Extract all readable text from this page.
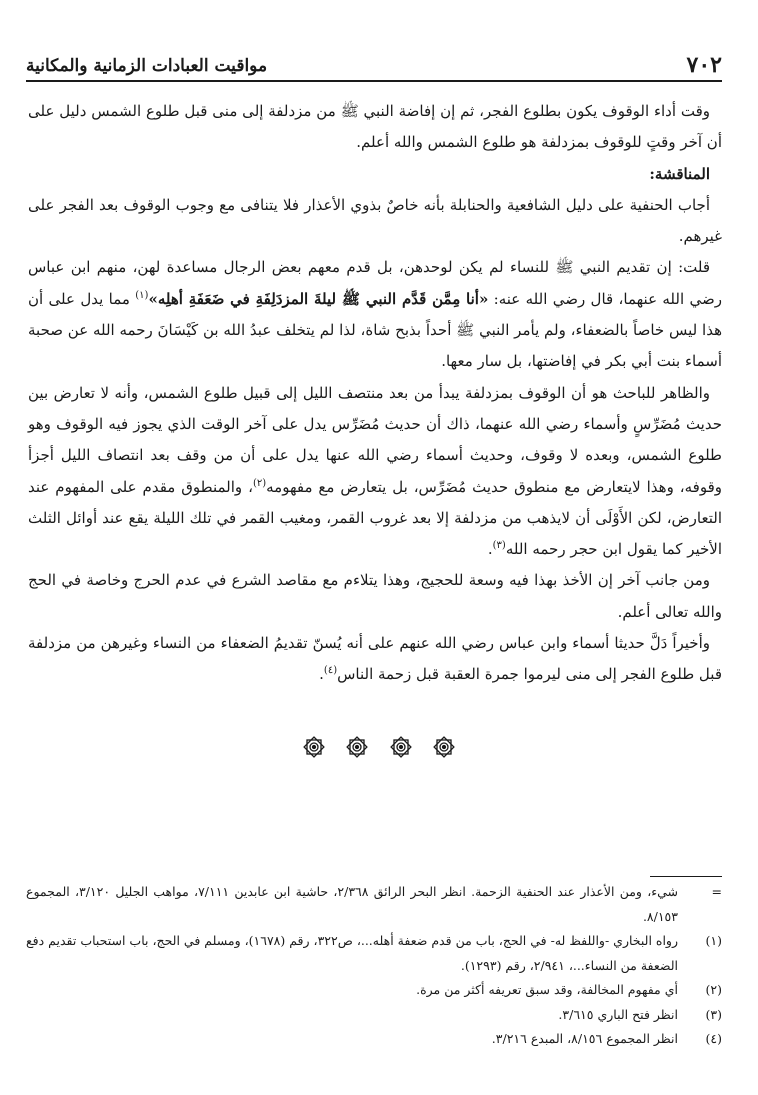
٧٠٢
مواقيت العبادات الزمانية والمكانية

وقت أداء الوقوف يكون بطلوع الفجر، ثم إن إفاضة النبي ﷺ من مزدلفة إلى منى قبل طلوع الشمس دليل على أن آخر وقتٍ للوقوف بمزدلفة هو طلوع الشمس والله أعلم.

المناقشة:

أجاب الحنفية على دليل الشافعية والحنابلة بأنه خاصٌ بذوي الأعذار فلا يتنافى مع وجوب الوقوف بعد الفجر على غيرهم.

قلت: إن تقديم النبي ﷺ للنساء لم يكن لوحدهن، بل قدم معهم بعض الرجال مساعدة لهن، منهم ابن عباس رضي الله عنهما، قال رضي الله عنه: «أنا مِمَّن قَدَّم النبي ﷺ ليلةَ المزدَلِفَةِ في ضَعَفَةِ أهلِه»$^{(١)}$ مما يدل على أن هذا ليس خاصاً بالضعفاء، ولم يأمر النبي ﷺ أحداً بذبح شاة، لذا لم يتخلف عبدُ الله بن كَيْسَانَ رحمه الله عن صحبة أسماء بنت أبي بكر في إفاضتها، بل سار معها.

والظاهر للباحث هو أن الوقوف بمزدلفة يبدأ من بعد منتصف الليل إلى قبيل طلوع الشمس، وأنه لا تعارض بين حديث مُضَرِّسٍ وأسماء رضي الله عنهما، ذاك أن حديث مُضَرِّس يدل على آخر الوقت الذي يجوز فيه الوقوف وهو طلوع الشمس، وبعده لا وقوف، وحديث أسماء رضي الله عنها يدل على أن من وقف بعد انتصاف الليل أجزأ وقوفه، وهذا لايتعارض مع منطوق حديث مُضَرِّس، بل يتعارض مع مفهومه$^{(٢)}$، والمنطوق مقدم على المفهوم عند التعارض، لكن الأَوْلَى أن لايذهب من مزدلفة إلا بعد غروب القمر، ومغيب القمر في تلك الليلة يقع عند أوائل الثلث الأخير كما يقول ابن حجر رحمه الله$^{(٣)}$.

ومن جانب آخر إن الأخذ بهذا فيه وسعة للحجيج، وهذا يتلاءم مع مقاصد الشرع في عدم الحرج وخاصة في الحج والله تعالى أعلم.

وأخيراً دَلَّ حديثا أسماء وابن عباس رضي الله عنهم على أنه يُسنّ تقديمُ الضعفاء من النساء وغيرهن من مزدلفة قبل طلوع الفجر إلى منى ليرموا جمرة العقبة قبل زحمة الناس$^{(٤)}$.

=
شيء، ومن الأعذار عند الحنفية الزحمة. انظر البحر الرائق ٢/٣٦٨، حاشية ابن عابدين ٧/١١١، مواهب الجليل ٣/١٢٠، المجموع ٨/١٥٣.
(١)
رواه البخاري -واللفظ له- في الحج، باب من قدم ضعفة أهله...، ص٣٢٢، رقم (١٦٧٨)، ومسلم في الحج، باب استحباب تقديم دفع الضعفة من النساء...، ٢/٩٤١، رقم (١٢٩٣).
(٢)
أي مفهوم المخالفة، وقد سبق تعريفه أكثر من مرة.
(٣)
انظر فتح الباري ٣/٦١٥.
(٤)
انظر المجموع ٨/١٥٦، المبدع ٣/٢١٦.
